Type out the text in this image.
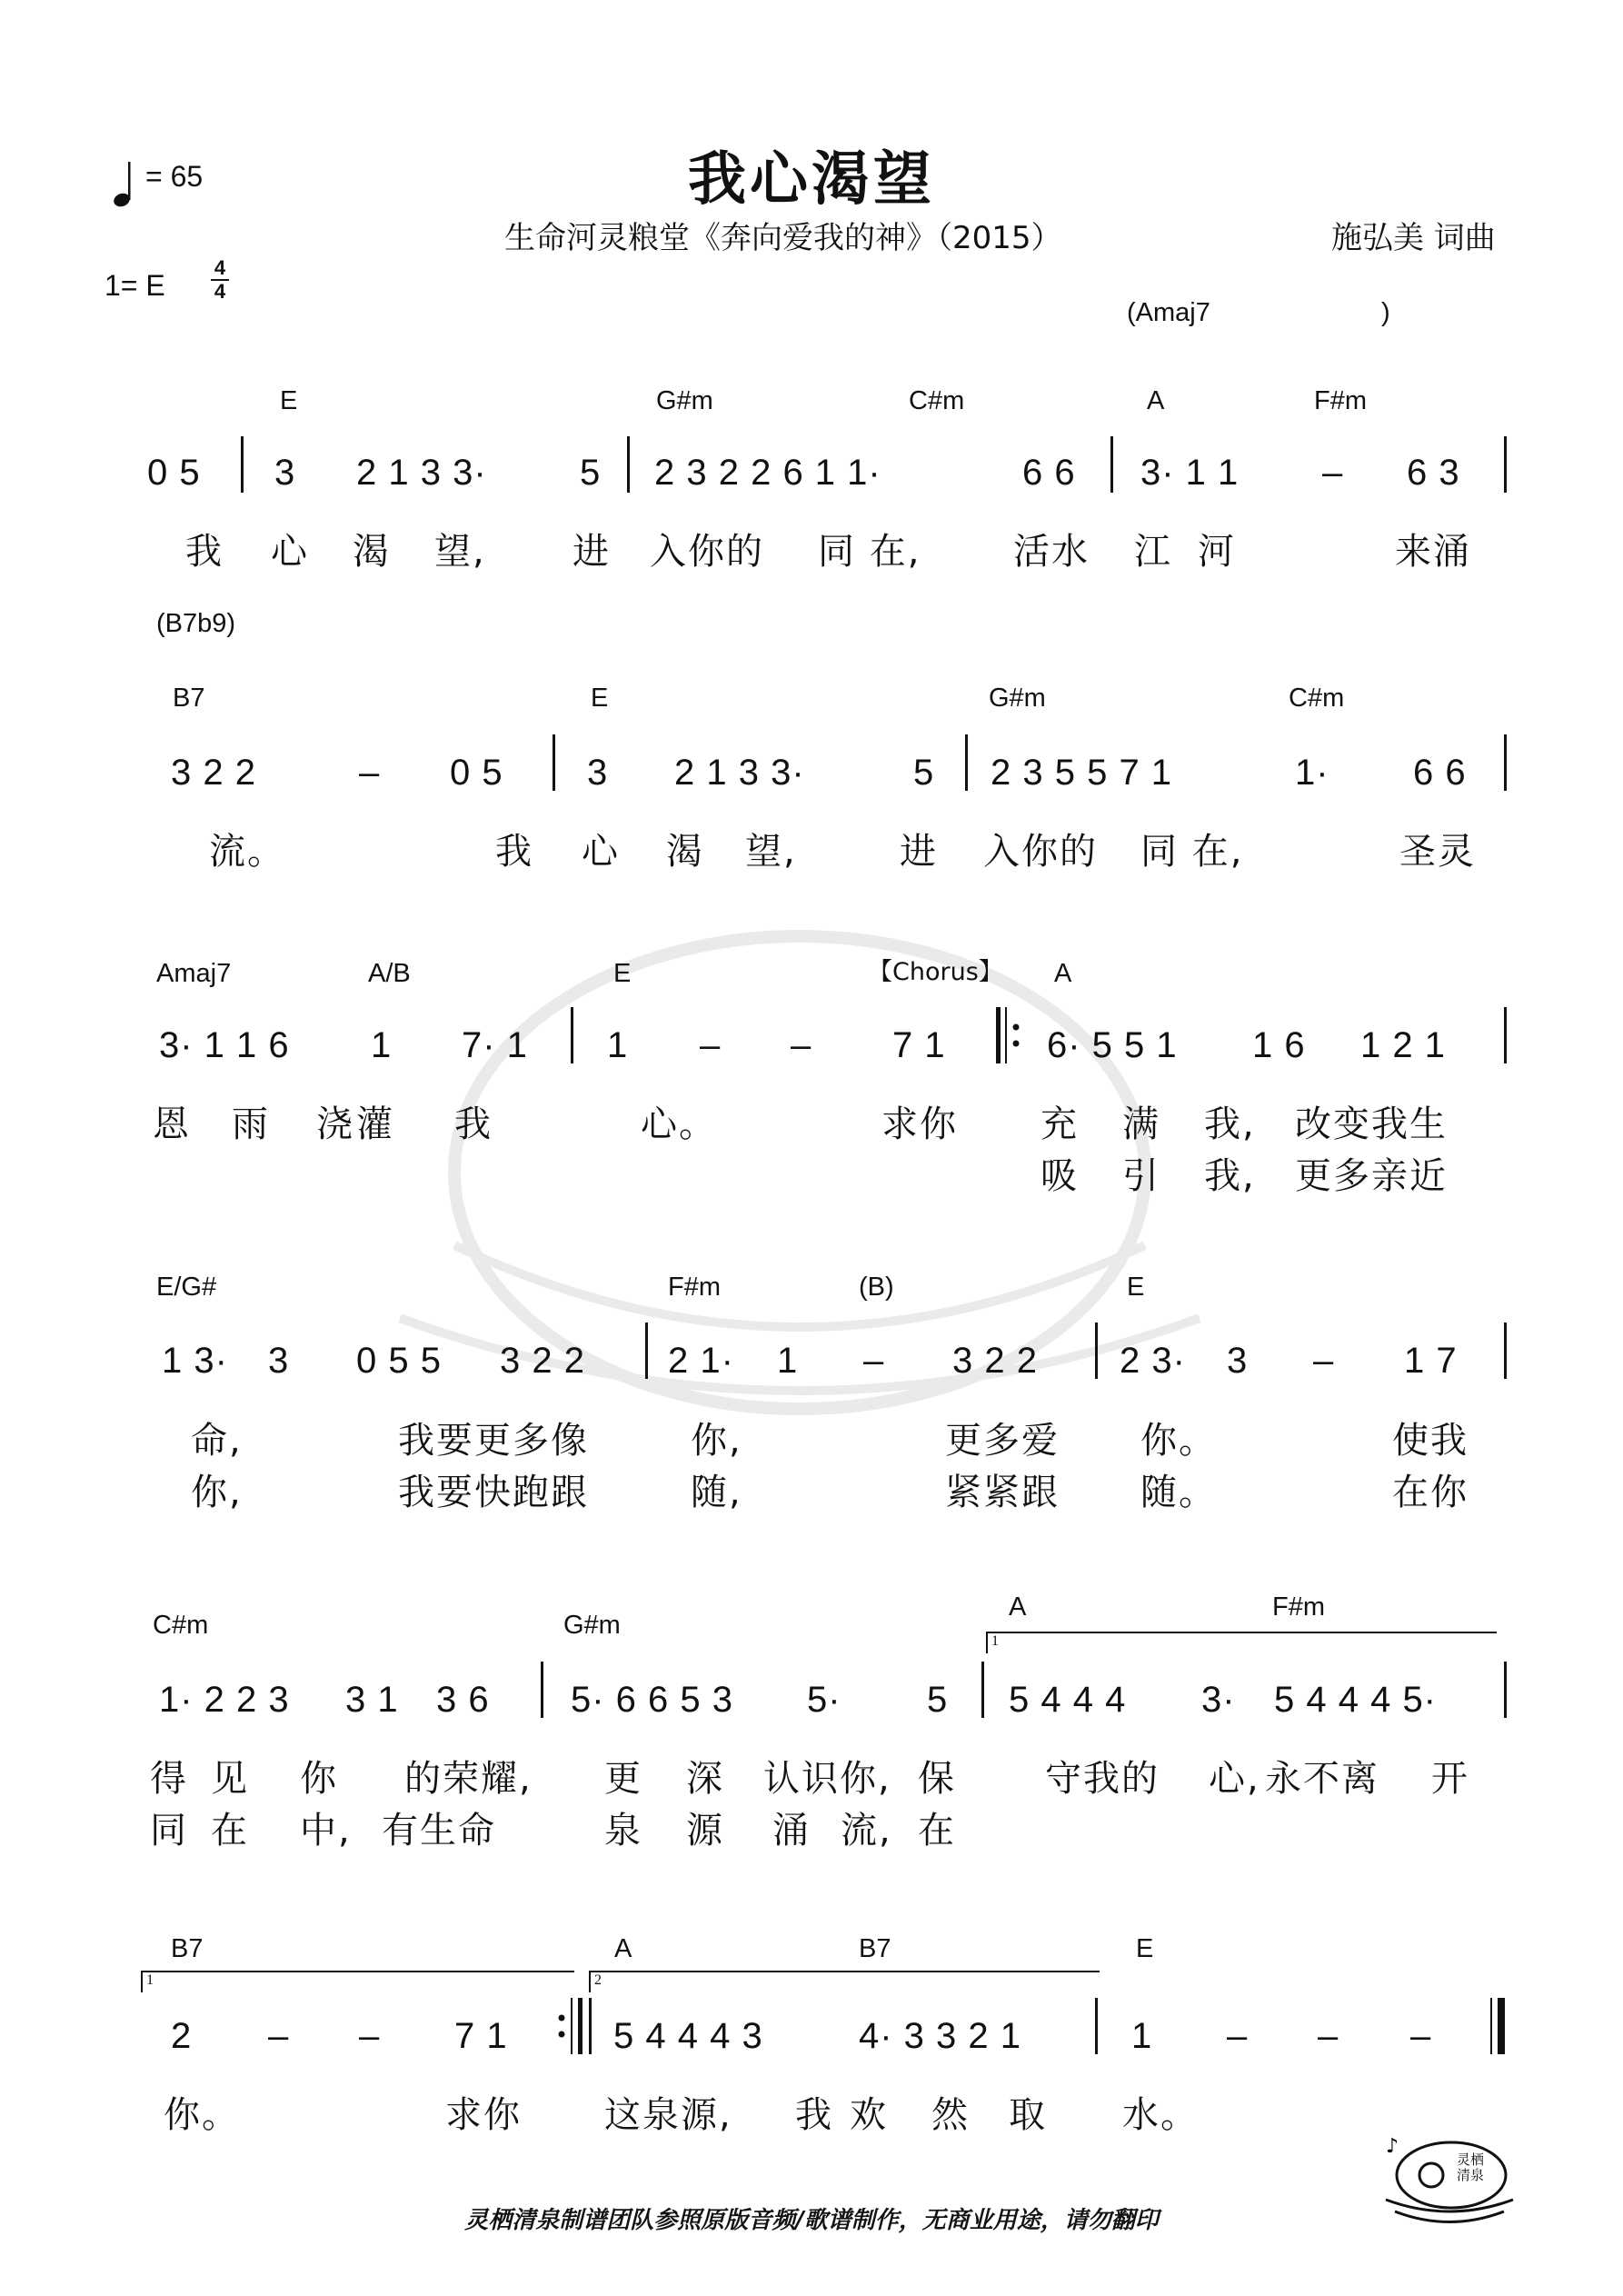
= 65	我心渴望
生命河灵粮堂《奔向爱我的神》（2015）	施弘美 词曲
1= E
4
4
(Amaj7	)
E	G#m	C#m	A	F#m
0 5 3 2 1 3 3·	5 2 3 2 2 6 1 1·	6 6 3· 1 1 – 6 3
我 心 渴 望, 进 入你的 同 在,	活水 江 河	来涌
(B7b9)
B7	E	G#m	C#m
3 2 2	– 0 5 3 2 1 3 3·	5 2 3 5 5 7 1	1· 6 6
流。	我 心 渴 望,	进 入你的 同 在,	圣灵
Amaj7	A/B	E	【Chorus】 A
3· 1 1 6 1 7· 1 1 – – 7 1	6· 5 5 1 1 6 1 2 1
恩 雨 浇 灌 我	心。	求你 充 满 我, 改变我生
吸 引 我, 更多亲近
E/G#	F#m	(B)	E
1 3· 3 0 5 5 3 2 2 2 1· 1 – 3 2 2 2 3· 3 – 1 7
命,	我要更多像	你,	更多爱 你。	使我
你,	我要快跑跟	随,	紧紧跟 随。	在你
C#m	G#m
A	F#m
1
1· 2 2 3 3 1 3 6 5· 6 6 5 3 5· 5 5 4 4 4 3· 5 4 4 4 5·
得 见 你 的荣耀, 更 深 认识你, 保 守我的 心, 永不离 开
同 在 中, 有生命	泉 源 涌 流, 在
B7	A	B7	E
1	2
2 – – 7 1	5 4 4 4 3	4· 3 3 2 1	1 – – –
你。	求你 这泉源, 我 欢 然 取 水。
灵栖清泉制谱团队参照原版音频/歌谱制作，无商业用途，请勿翻印
♪
灵栖清泉
